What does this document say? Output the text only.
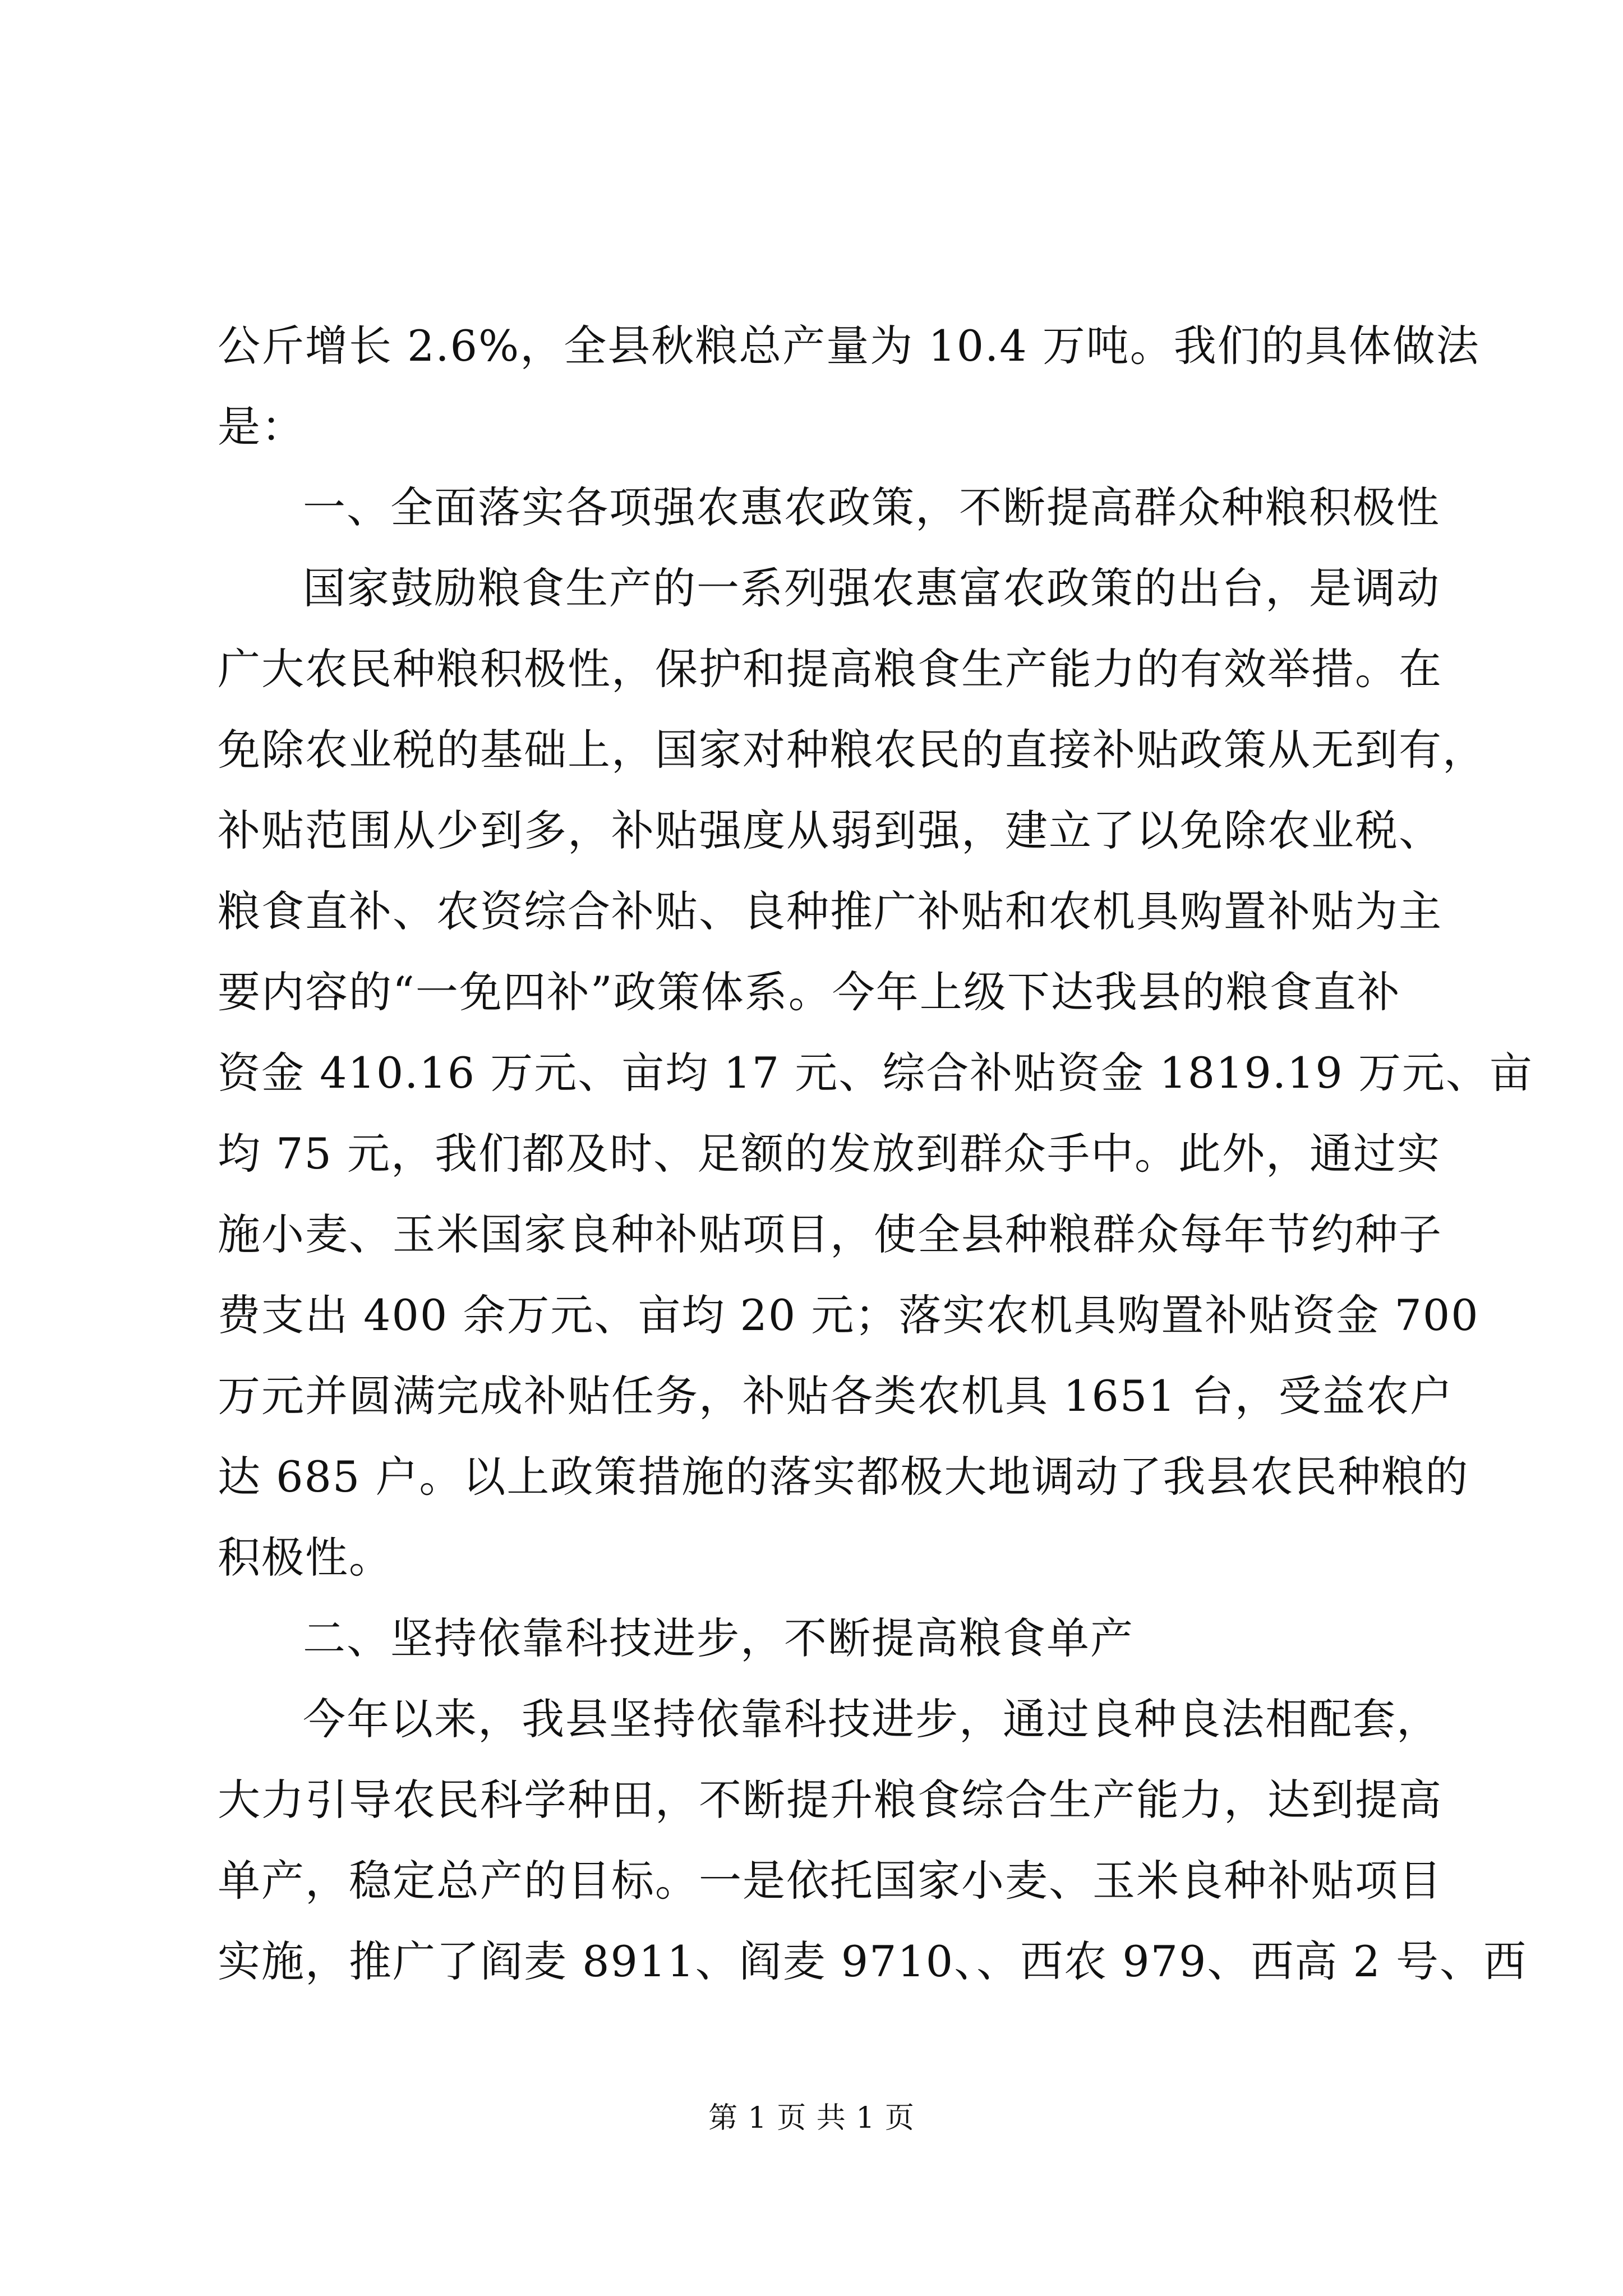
公斤增长 2.6%，全县秋粮总产量为 10.4 万吨。我们的具体做法
是：
一、全面落实各项强农惠农政策，不断提高群众种粮积极性
国家鼓励粮食生产的一系列强农惠富农政策的出台，是调动
广大农民种粮积极性，保护和提高粮食生产能力的有效举措。在
免除农业税的基础上，国家对种粮农民的直接补贴政策从无到有，
补贴范围从少到多，补贴强度从弱到强，建立了以免除农业税、
粮食直补、农资综合补贴、良种推广补贴和农机具购置补贴为主
要内容的“一免四补”政策体系。今年上级下达我县的粮食直补
资金 410.16 万元、亩均 17 元、综合补贴资金 1819.19 万元、亩
均 75 元，我们都及时、足额的发放到群众手中。此外，通过实
施小麦、玉米国家良种补贴项目，使全县种粮群众每年节约种子
费支出 400 余万元、亩均 20 元；落实农机具购置补贴资金 700
万元并圆满完成补贴任务，补贴各类农机具 1651 台，受益农户
达 685 户。以上政策措施的落实都极大地调动了我县农民种粮的
积极性。
二、坚持依靠科技进步，不断提高粮食单产
今年以来，我县坚持依靠科技进步，通过良种良法相配套，
大力引导农民科学种田，不断提升粮食综合生产能力，达到提高
单产，稳定总产的目标。一是依托国家小麦、玉米良种补贴项目
实施，推广了阎麦 8911、阎麦 9710、、西农 979、西高 2 号、西
第 1 页 共 1 页
